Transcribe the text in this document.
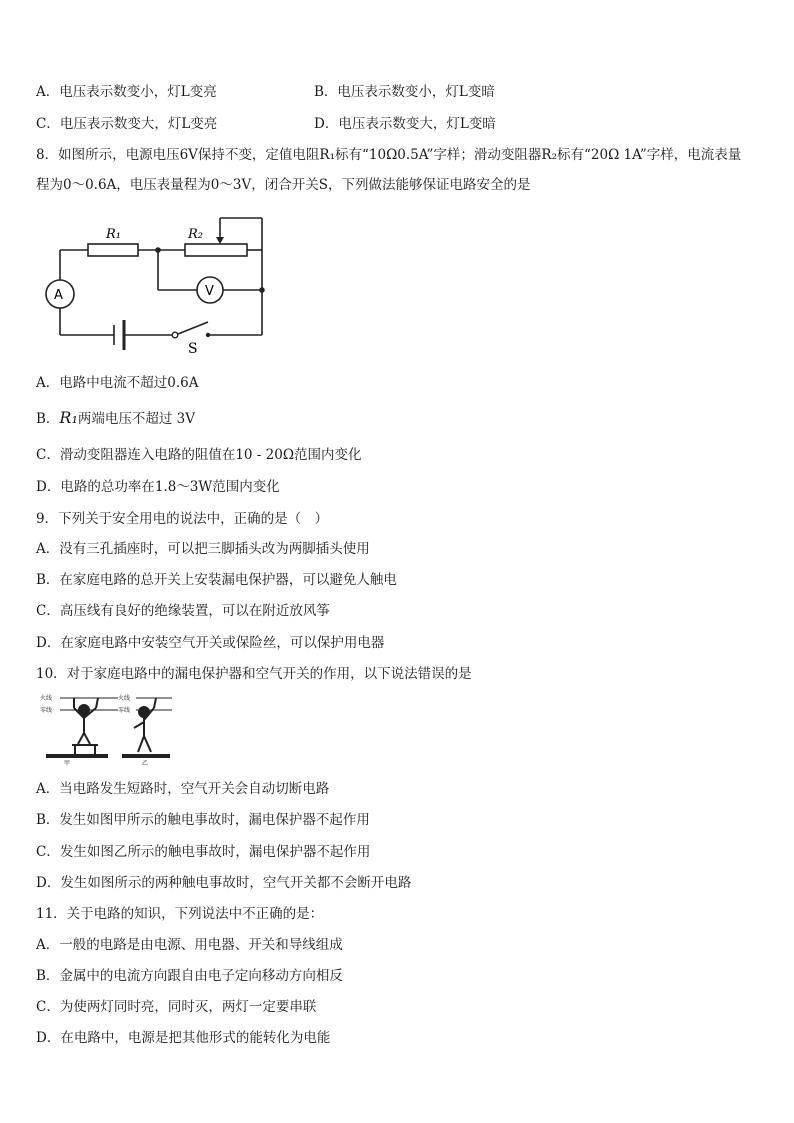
A．电压表示数变小，灯L变亮	B．电压表示数变小，灯L变暗
C．电压表示数变大，灯L变亮	D．电压表示数变大，灯L变暗
8．如图所示，电源电压6V保持不变，定值电阻R₁标有“10Ω0.5A”字样；滑动变阻器R₂标有“20Ω 1A”字样，电流表量
程为0～0.6A，电压表量程为0～3V，闭合开关S，下列做法能够保证电路安全的是
R₁	R₂
A	V
S
A．电路中电流不超过0.6A
B．R₁两端电压不超过 3V
C．滑动变阻器连入电路的阻值在10 - 20Ω范围内变化
D．电路的总功率在1.8～3W范围内变化
9．下列关于安全用电的说法中，正确的是（　）
A．没有三孔插座时，可以把三脚插头改为两脚插头使用
B．在家庭电路的总开关上安装漏电保护器，可以避免人触电
C．高压线有良好的绝缘装置，可以在附近放风筝
D．在家庭电路中安装空气开关或保险丝，可以保护用电器
10．对于家庭电路中的漏电保护器和空气开关的作用，以下说法错误的是
火线
零线
火线
零线
甲	乙
A．当电路发生短路时，空气开关会自动切断电路
B．发生如图甲所示的触电事故时，漏电保护器不起作用
C．发生如图乙所示的触电事故时，漏电保护器不起作用
D．发生如图所示的两种触电事故时，空气开关都不会断开电路
11．关于电路的知识，下列说法中不正确的是：
A．一般的电路是由电源、用电器、开关和导线组成
B．金属中的电流方向跟自由电子定向移动方向相反
C．为使两灯同时亮，同时灭，两灯一定要串联
D．在电路中，电源是把其他形式的能转化为电能
